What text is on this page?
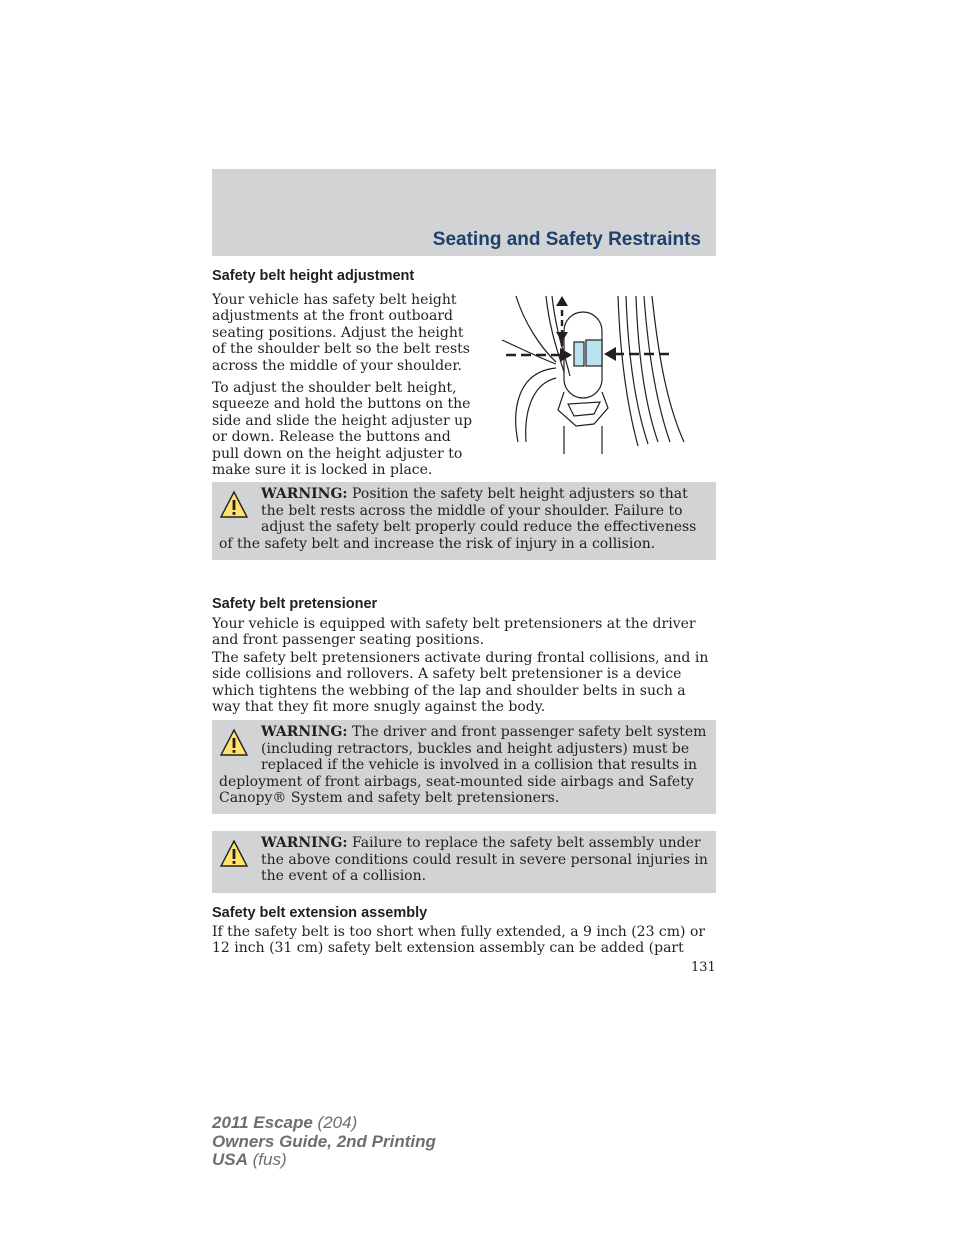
Seating and Safety Restraints
Safety belt height adjustment

Your vehicle has safety belt height adjustments at the front outboard seating positions. Adjust the height of the shoulder belt so the belt rests across the middle of your shoulder.

To adjust the shoulder belt height, squeeze and hold the buttons on the side and slide the height adjuster up or down. Release the buttons and pull down on the height adjuster to make sure it is locked in place.

WARNING: Position the safety belt height adjusters so that the belt rests across the middle of your shoulder. Failure to adjust the safety belt properly could reduce the effectiveness of the safety belt and increase the risk of injury in a collision.

Safety belt pretensioner

Your vehicle is equipped with safety belt pretensioners at the driver and front passenger seating positions.

The safety belt pretensioners activate during frontal collisions, and in side collisions and rollovers. A safety belt pretensioner is a device which tightens the webbing of the lap and shoulder belts in such a way that they fit more snugly against the body.

WARNING: The driver and front passenger safety belt system (including retractors, buckles and height adjusters) must be replaced if the vehicle is involved in a collision that results in deployment of front airbags, seat-mounted side airbags and Safety Canopy® System and safety belt pretensioners.

WARNING: Failure to replace the safety belt assembly under the above conditions could result in severe personal injuries in the event of a collision.

Safety belt extension assembly

If the safety belt is too short when fully extended, a 9 inch (23 cm) or 12 inch (31 cm) safety belt extension assembly can be added (part

131
2011 Escape (204)
Owners Guide, 2nd Printing
USA (fus)
